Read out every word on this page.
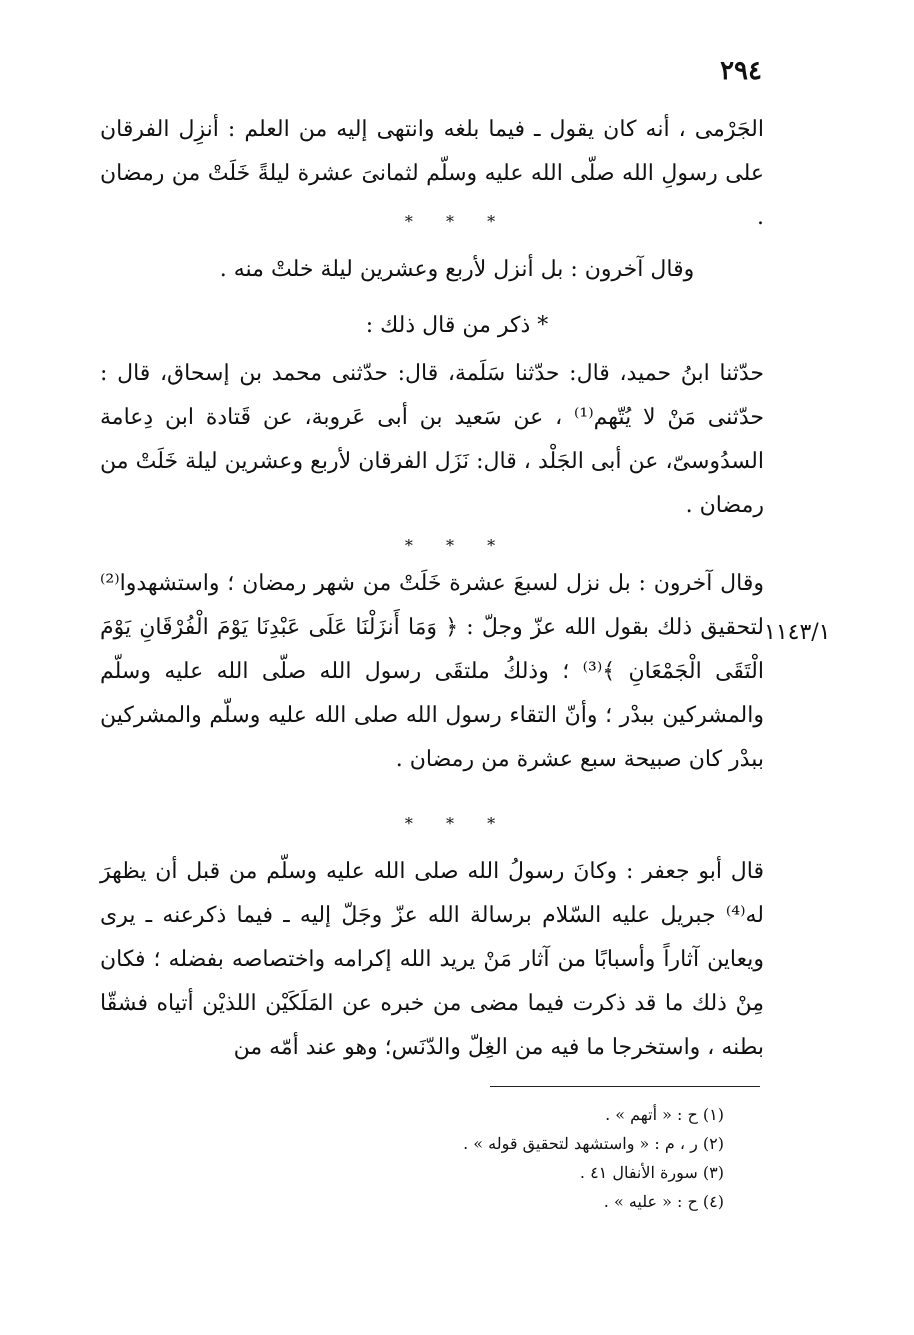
٢٩٤

الجَرْمى ، أنه كان يقول ـ فيما بلغه وانتهى إليه من العلم : أنزِل الفرقان على رسولِ الله صلّى الله عليه وسلّم لثمانىَ عشرة ليلةً خَلَتْ من رمضان .

* * *
وقال آخرون : بل أنزل لأربع وعشرين ليلة خلتْ منه .
* ذكر من قال ذلك :

حدّثنا ابنُ حميد، قال: حدّثنا سَلَمة، قال: حدّثنى محمد بن إسحاق، قال : حدّثنى مَنْ لا يُتّهم⁽¹⁾ ، عن سَعيد بن أبى عَروبة، عن قَتادة ابن دِعامة السدُوسىّ، عن أبى الجَلْد ، قال: نَزَل الفرقان لأربع وعشرين ليلة خَلَتْ من رمضان .

* * *

وقال آخرون : بل نزل لسبعَ عشرة خَلَتْ من شهر رمضان ؛ واستشهدوا⁽²⁾ لتحقيق ذلك بقول الله عزّ وجلّ : ﴿ وَمَا أَنزَلْنَا عَلَى عَبْدِنَا يَوْمَ الْفُرْقَانِ يَوْمَ الْتَقَى الْجَمْعَانِ ﴾⁽³⁾ ؛ وذلكُ ملتقَى رسول الله صلّى الله عليه وسلّم والمشركين ببدْر ؛ وأنّ التقاء رسول الله صلى الله عليه وسلّم والمشركين ببدْر كان صبيحة سبع عشرة من رمضان .

١١٤٣/١
* * *

قال أبو جعفر : وكانَ رسولُ الله صلى الله عليه وسلّم من قبل أن يظهرَ له⁽⁴⁾ جبريل عليه السّلام برسالة الله عزّ وجَلّ إليه ـ فيما ذكرعنه ـ يرى ويعاين آثاراً وأسبابًا من آثار مَنْ يريد الله إكرامه واختصاصه بفضله ؛ فكان مِنْ ذلك ما قد ذكرت فيما مضى من خبره عن المَلَكَيْن اللذيْن أتياه فشقّا بطنه ، واستخرجا ما فيه من الغِلّ والدّنَس؛ وهو عند أمّه من

(١) ح : « أتهم » .
(٢) ر ، م : « واستشهد لتحقيق قوله » .
(٣) سورة الأنفال ٤١ .
(٤) ح : « عليه » .
